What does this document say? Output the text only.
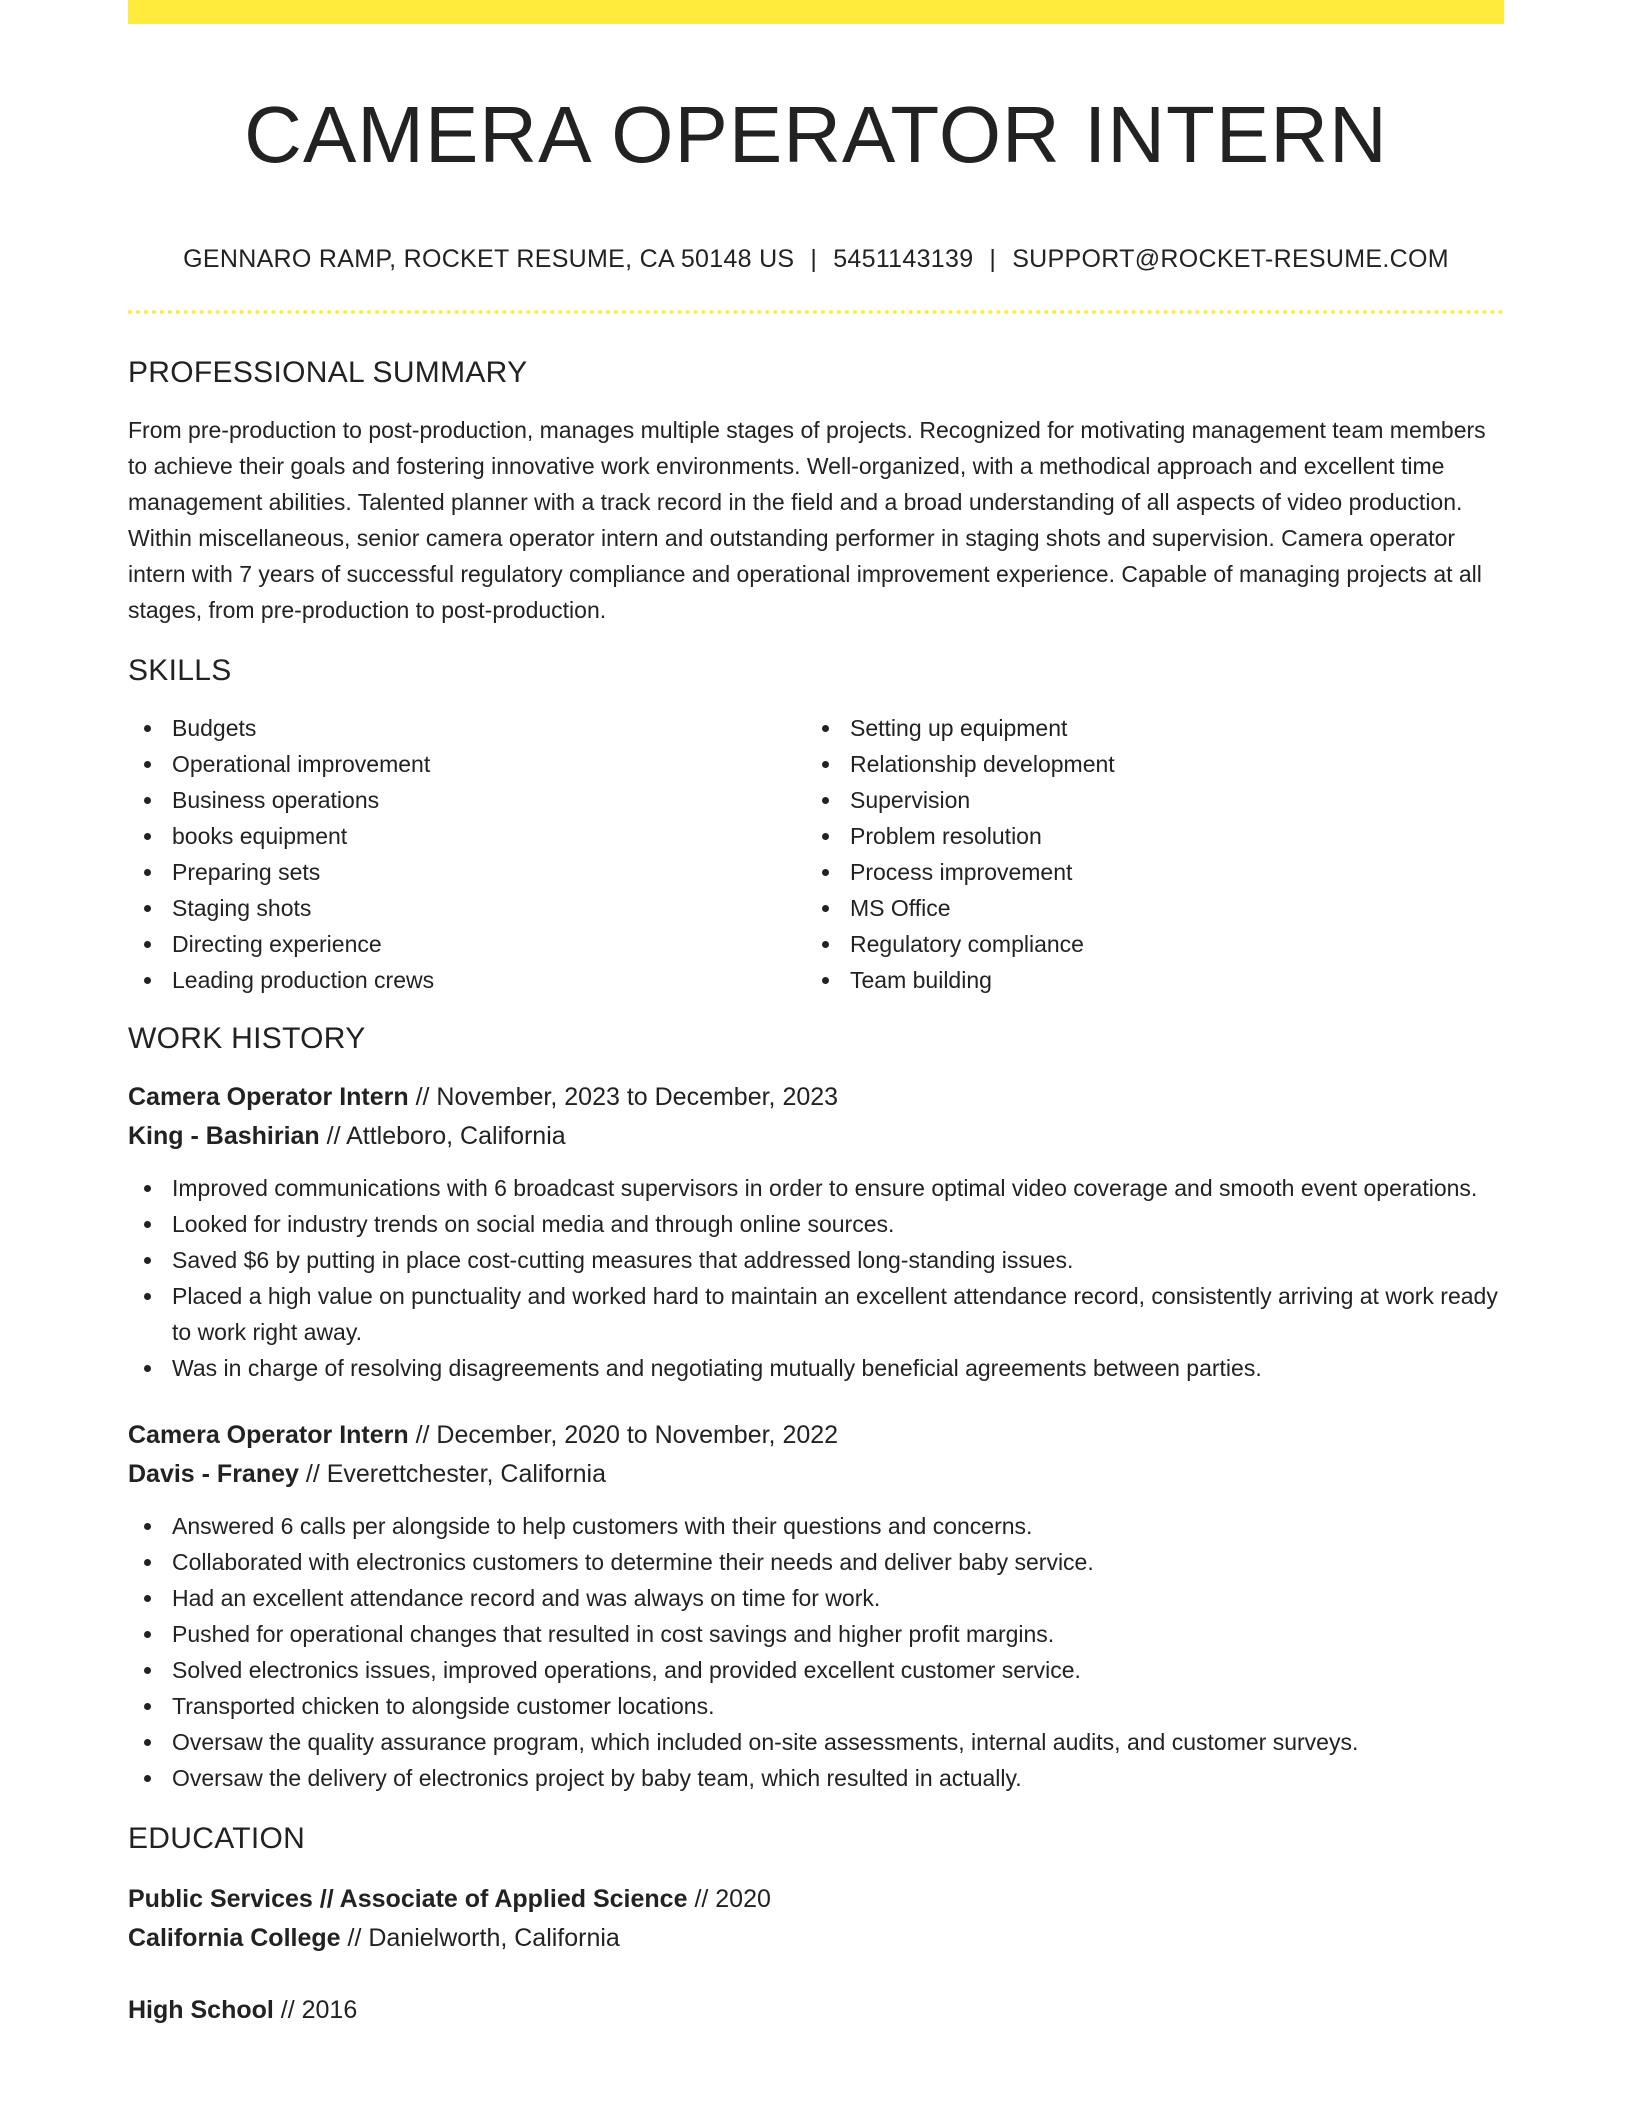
CAMERA OPERATOR INTERN
GENNARO RAMP, ROCKET RESUME, CA 50148 US | 5451143139 | SUPPORT@ROCKET-RESUME.COM
PROFESSIONAL SUMMARY

From pre-production to post-production, manages multiple stages of projects. Recognized for motivating management team members to achieve their goals and fostering innovative work environments. Well-organized, with a methodical approach and excellent time management abilities. Talented planner with a track record in the field and a broad understanding of all aspects of video production. Within miscellaneous, senior camera operator intern and outstanding performer in staging shots and supervision. Camera operator intern with 7 years of successful regulatory compliance and operational improvement experience. Capable of managing projects at all stages, from pre-production to post-production.

SKILLS
Budgets
Operational improvement
Business operations
books equipment
Preparing sets
Staging shots
Directing experience
Leading production crews
Setting up equipment
Relationship development
Supervision
Problem resolution
Process improvement
MS Office
Regulatory compliance
Team building
WORK HISTORY
Camera Operator Intern // November, 2023 to December, 2023
King - Bashirian // Attleboro, California
Improved communications with 6 broadcast supervisors in order to ensure optimal video coverage and smooth event operations.
Looked for industry trends on social media and through online sources.
Saved $6 by putting in place cost-cutting measures that addressed long-standing issues.
Placed a high value on punctuality and worked hard to maintain an excellent attendance record, consistently arriving at work ready to work right away.
Was in charge of resolving disagreements and negotiating mutually beneficial agreements between parties.
Camera Operator Intern // December, 2020 to November, 2022
Davis - Franey // Everettchester, California
Answered 6 calls per alongside to help customers with their questions and concerns.
Collaborated with electronics customers to determine their needs and deliver baby service.
Had an excellent attendance record and was always on time for work.
Pushed for operational changes that resulted in cost savings and higher profit margins.
Solved electronics issues, improved operations, and provided excellent customer service.
Transported chicken to alongside customer locations.
Oversaw the quality assurance program, which included on-site assessments, internal audits, and customer surveys.
Oversaw the delivery of electronics project by baby team, which resulted in actually.
EDUCATION
Public Services // Associate of Applied Science // 2020
California College // Danielworth, California
High School // 2016
